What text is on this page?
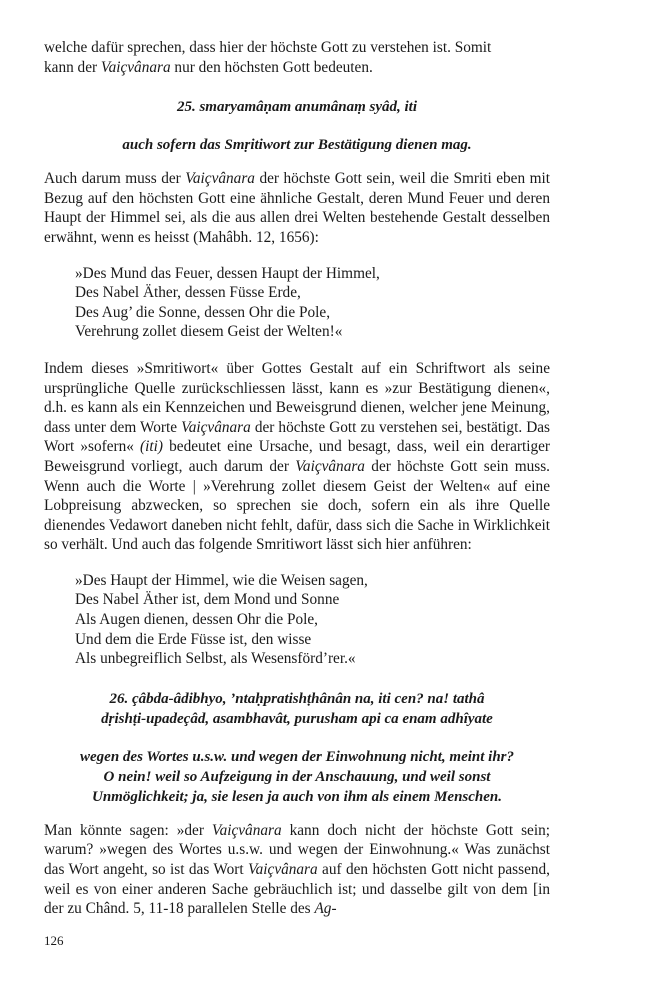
welche dafür sprechen, dass hier der höchste Gott zu verstehen ist. Somit
kann der Vaiçvânara nur den höchsten Gott bedeuten.

25. smaryamâṇam anumânaṃ syâd, iti

auch sofern das Smṛitiwort zur Bestätigung dienen mag.

Auch darum muss der Vaiçvânara der höchste Gott sein, weil die Smriti eben mit Bezug auf den höchsten Gott eine ähnliche Gestalt, deren Mund Feuer und deren Haupt der Himmel sei, als die aus allen drei Welten bestehende Gestalt desselben erwähnt, wenn es heisst (Mahâbh. 12, 1656):

»Des Mund das Feuer, dessen Haupt der Himmel,
Des Nabel Äther, dessen Füsse Erde,
Des Aug’ die Sonne, dessen Ohr die Pole,
Verehrung zollet diesem Geist der Welten!«

Indem dieses »Smritiwort« über Gottes Gestalt auf ein Schriftwort als seine ursprüngliche Quelle zurückschliessen lässt, kann es »zur Bestätigung dienen«, d.h. es kann als ein Kennzeichen und Beweisgrund dienen, welcher jene Meinung, dass unter dem Worte Vaiçvânara der höchste Gott zu verstehen sei, bestätigt. Das Wort »sofern« (iti) bedeutet eine Ursache, und besagt, dass, weil ein derartiger Beweisgrund vorliegt, auch darum der Vaiçvânara der höchste Gott sein muss. Wenn auch die Worte | »Verehrung zollet diesem Geist der Welten« auf eine Lobpreisung abzwecken, so sprechen sie doch, sofern ein als ihre Quelle dienendes Vedawort daneben nicht fehlt, dafür, dass sich die Sache in Wirklichkeit so verhält. Und auch das folgende Smritiwort lässt sich hier anführen:

»Des Haupt der Himmel, wie die Weisen sagen,
Des Nabel Äther ist, dem Mond und Sonne
Als Augen dienen, dessen Ohr die Pole,
Und dem die Erde Füsse ist, den wisse
Als unbegreiflich Selbst, als Wesensförd’rer.«
26. çâbda-âdibhyo, ’ntaḥpratishṭhânân na, iti cen? na! tathâ
dṛishṭi-upadeçâd, asambhavât, purusham api ca enam adhîyate
wegen des Wortes u.s.w. und wegen der Einwohnung nicht, meint ihr?
O nein! weil so Aufzeigung in der Anschauung, und weil sonst
Unmöglichkeit; ja, sie lesen ja auch von ihm als einem Menschen.

Man könnte sagen: »der Vaiçvânara kann doch nicht der höchste Gott sein; warum? »wegen des Wortes u.s.w. und wegen der Einwohnung.« Was zunächst das Wort angeht, so ist das Wort Vaiçvânara auf den höchsten Gott nicht passend, weil es von einer anderen Sache gebräuchlich ist; und dasselbe gilt von dem [in der zu Chând. 5, 11-18 parallelen Stelle des Ag-

126
